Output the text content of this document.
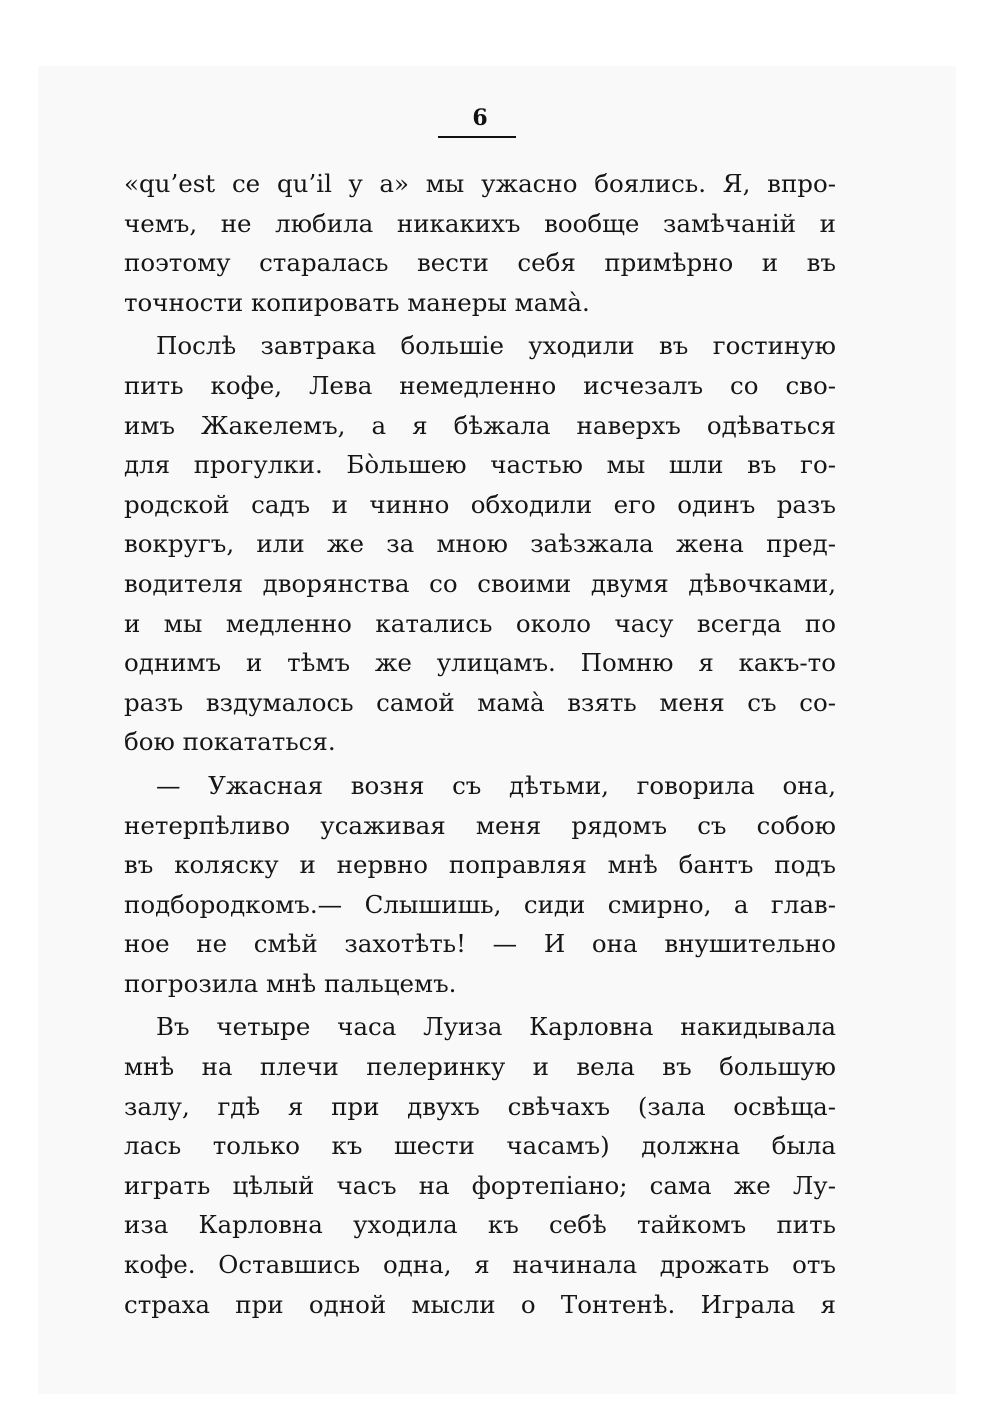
6
«qu’est ce qu’il y a» мы ужасно боялись. Я, впро-
чемъ, не любила никакихъ вообще замѣчаній и
поэтому старалась вести себя примѣрно и въ
точности копировать манеры мама̀.
Послѣ завтрака большіе уходили въ гостиную
пить кофе, Лева немедленно исчезалъ со сво-
имъ Жакелемъ, а я бѣжала наверхъ одѣваться
для прогулки. Бо̀льшею частью мы шли въ го-
родской садъ и чинно обходили его одинъ разъ
вокругъ, или же за мною заѣзжала жена пред-
водителя дворянства со своими двумя дѣвочками,
и мы медленно катались около часу всегда по
однимъ и тѣмъ же улицамъ. Помню я какъ-то
разъ вздумалось самой мама̀ взять меня съ со-
бою покататься.
— Ужасная возня съ дѣтьми, говорила она,
нетерпѣливо усаживая меня рядомъ съ собою
въ коляску и нервно поправляя мнѣ бантъ подъ
подбородкомъ.— Слышишь, сиди смирно, а глав-
ное не смѣй захотѣть! — И она внушительно
погрозила мнѣ пальцемъ.
Въ четыре часа Луиза Карловна накидывала
мнѣ на плечи пелеринку и вела въ большую
залу, гдѣ я при двухъ свѣчахъ (зала освѣща-
лась только къ шести часамъ) должна была
играть цѣлый часъ на фортепіано; сама же Лу-
иза Карловна уходила къ себѣ тайкомъ пить
кофе. Оставшись одна, я начинала дрожать отъ
страха при одной мысли о Тонтенѣ. Играла я
